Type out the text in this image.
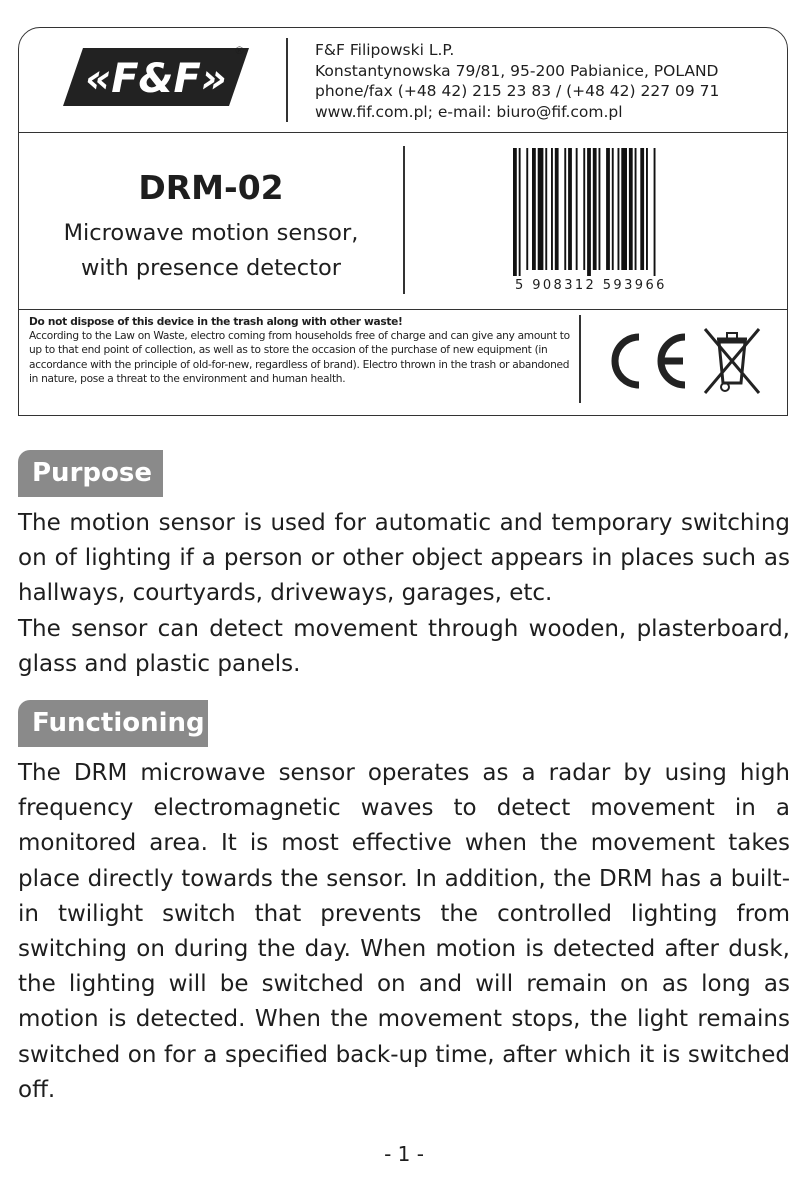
«F&F»
®	F&F Filipowski L.P.
Konstantynowska 79/81, 95-200 Pabianice, POLAND
phone/fax (+48 42) 215 23 83 / (+48 42) 227 09 71
www.fif.com.pl; e-mail: biuro@fif.com.pl
DRM-02
Microwave motion sensor,
with presence detector
5 908312 593966
Do not dispose of this device in the trash along with other waste!
According to the Law on Waste, electro coming from households free of charge and can give any amount to up to that end point of collection, as well as to store the occasion of the purchase of new equipment (in accordance with the principle of old-for-new, regardless of brand). Electro thrown in the trash or abandoned in nature, pose a threat to the environment and human health.
Purpose

The motion sensor is used for automatic and temporary switching on of lighting if a person or other object appears in places such as hallways, courtyards, driveways, garages, etc.

The sensor can detect movement through wooden, plasterboard, glass and plastic panels.

Functioning

The DRM microwave sensor operates as a radar by using high frequency electromagnetic waves to detect movement in a monitored area. It is most effective when the movement takes place directly towards the sensor. In addition, the DRM has a built-in twilight switch that prevents the controlled lighting from switching on during the day. When motion is detected after dusk, the lighting will be switched on and will remain on as long as motion is detected. When the movement stops, the light remains switched on for a specified back-up time, after which it is switched off.

- 1 -
